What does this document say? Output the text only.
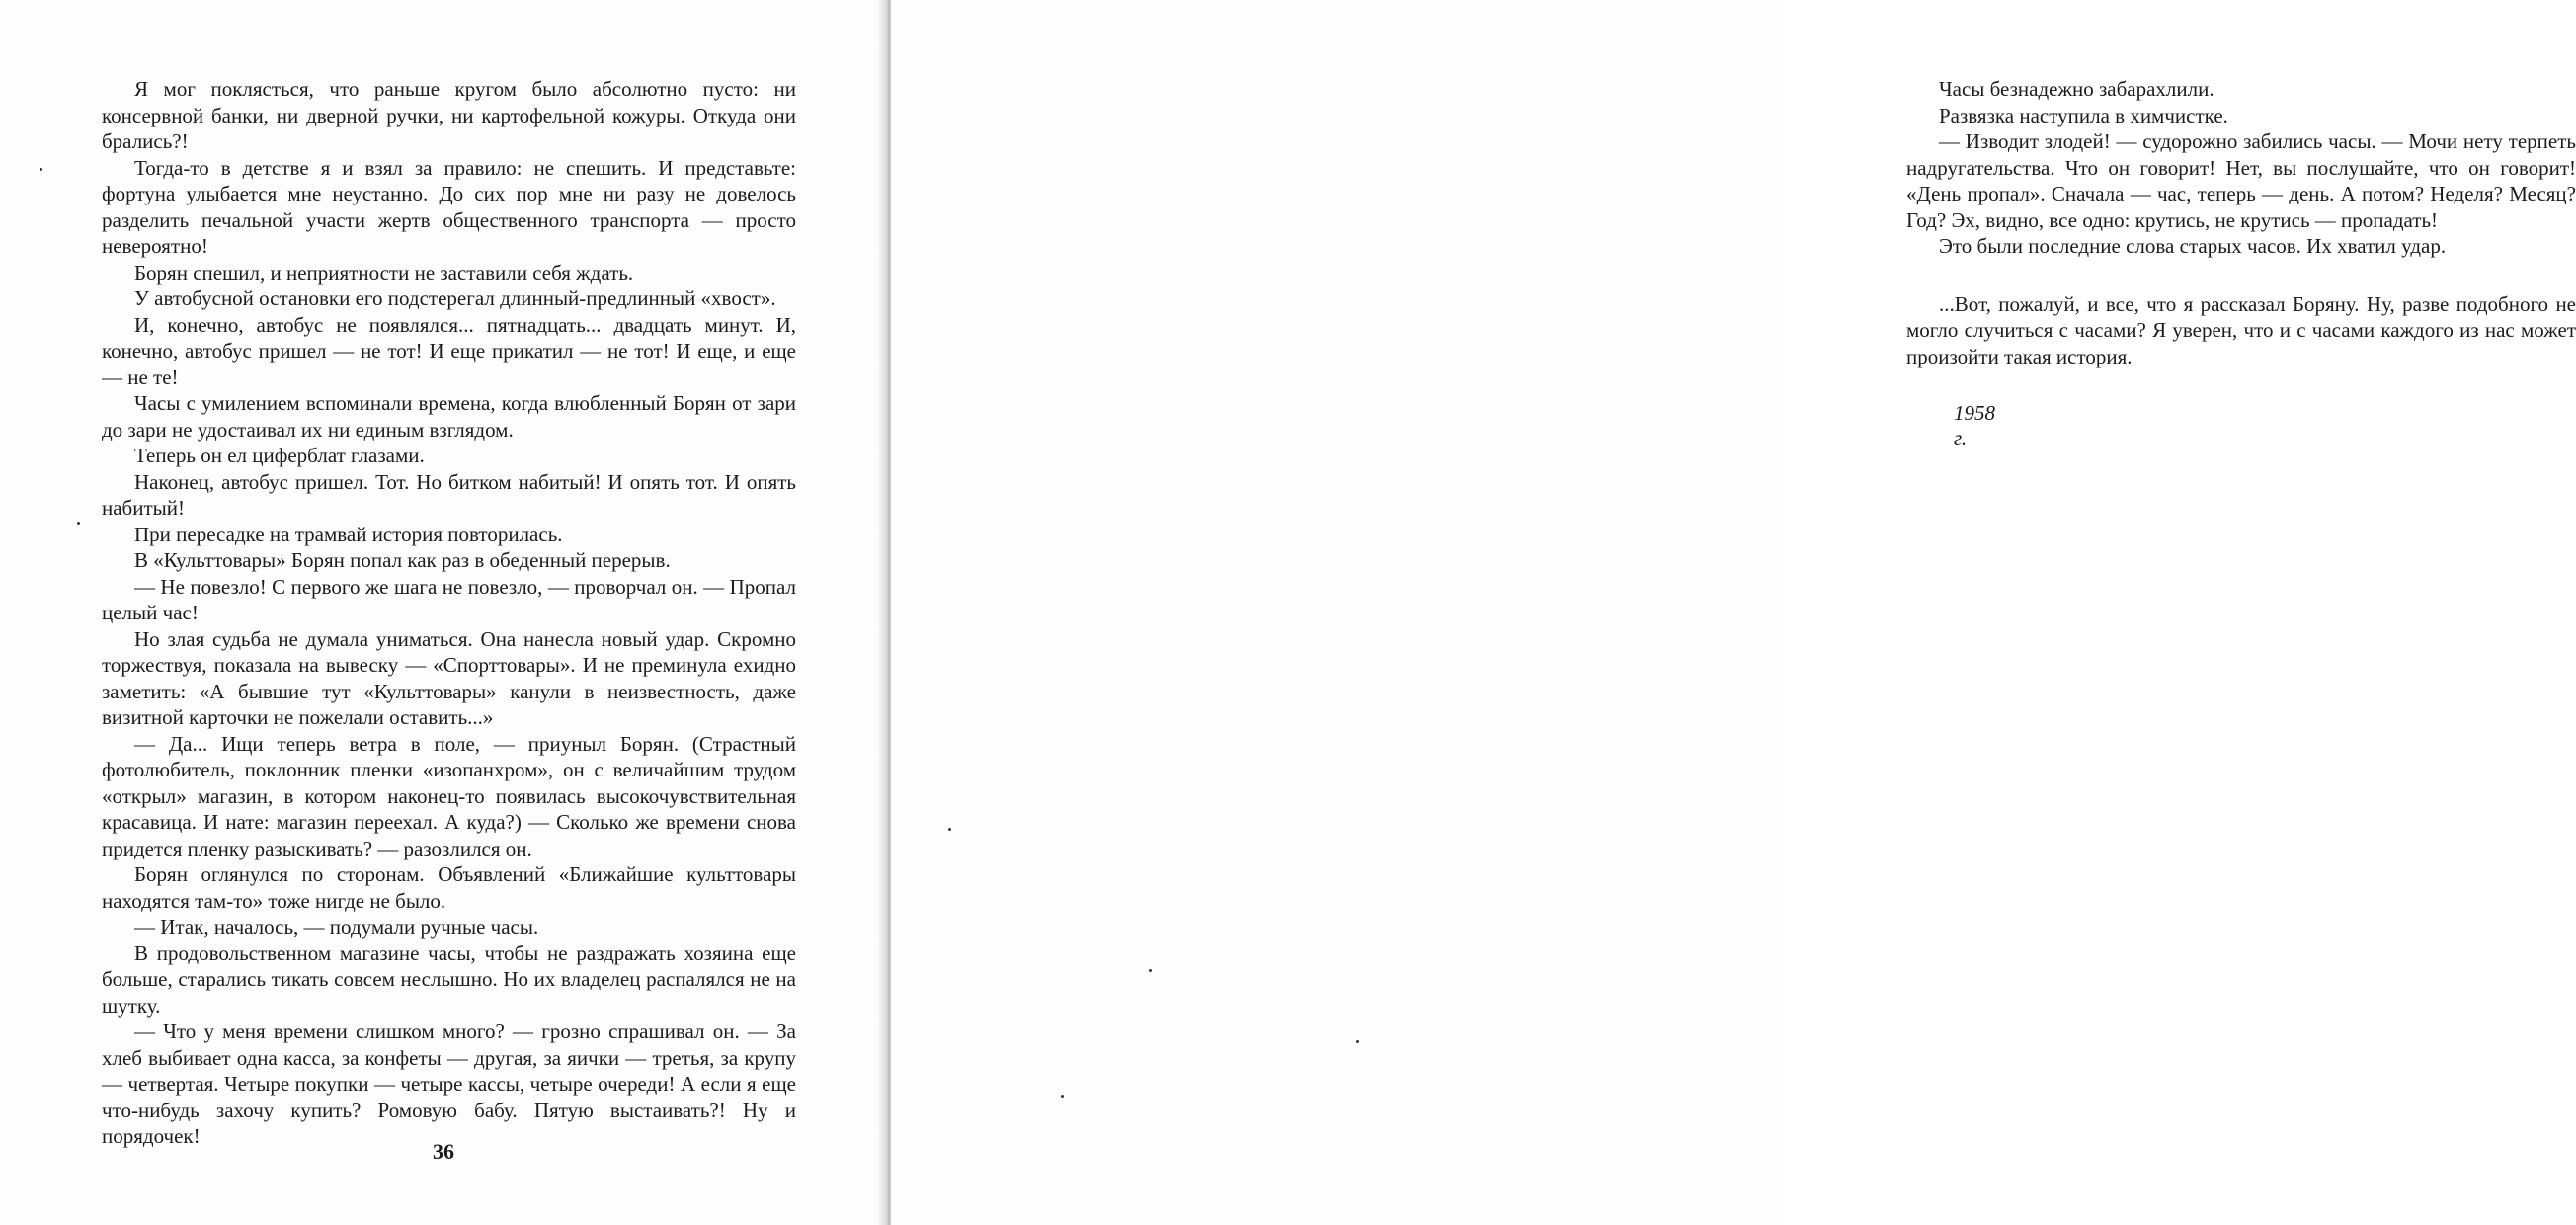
Я мог поклясться, что раньше кругом было абсолютно пусто: ни консервной банки, ни дверной ручки, ни картофельной кожуры. Откуда они брались?!

Тогда-то в детстве я и взял за правило: не спешить. И представьте: фортуна улыбается мне неустанно. До сих пор мне ни разу не довелось разделить печальной участи жертв общественного транспорта — просто невероятно!

Борян спешил, и неприятности не заставили себя ждать.

У автобусной остановки его подстерегал длинный-предлинный «хвост».

И, конечно, автобус не появлялся... пятнадцать... двадцать минут. И, конечно, автобус пришел — не тот! И еще прикатил — не тот! И еще, и еще — не те!

Часы с умилением вспоминали времена, когда влюбленный Борян от зари до зари не удостаивал их ни единым взглядом.

Теперь он ел циферблат глазами.

Наконец, автобус пришел. Тот. Но битком набитый! И опять тот. И опять набитый!

При пересадке на трамвай история повторилась.

В «Культтовары» Борян попал как раз в обеденный перерыв.

— Не повезло! С первого же шага не повезло, — проворчал он. — Пропал целый час!

Но злая судьба не думала униматься. Она нанесла новый удар. Скромно торжествуя, показала на вывеску — «Спорттовары». И не преминула ехидно заметить: «А бывшие тут «Культтовары» канули в неизвестность, даже визитной карточки не пожелали оставить...»

— Да... Ищи теперь ветра в поле, — приуныл Борян. (Страстный фотолюбитель, поклонник пленки «изопанхром», он с величайшим трудом «открыл» магазин, в котором наконец-то появилась высокочувствительная красавица. И нате: магазин переехал. А куда?) — Сколько же времени снова придется пленку разыскивать? — разозлился он.

Борян оглянулся по сторонам. Объявлений «Ближайшие культтовары находятся там-то» тоже нигде не было.

— Итак, началось, — подумали ручные часы.

В продовольственном магазине часы, чтобы не раздражать хозяина еще больше, старались тикать совсем неслышно. Но их владелец распалялся не на шутку.

— Что у меня времени слишком много? — грозно спрашивал он. — За хлеб выбивает одна касса, за конфеты — другая, за яички — третья, за крупу — четвертая. Четыре покупки — четыре кассы, четыре очереди! А если я еще что-нибудь захочу купить? Ромовую бабу. Пятую выстаивать?! Ну и порядочек!

36

Часы безнадежно забарахлили.

Развязка наступила в химчистке.

— Изводит злодей! — судорожно забились часы. — Мочи нету терпеть надругательства. Что он говорит! Нет, вы послушайте, что он говорит! «День пропал». Сначала — час, теперь — день. А потом? Неделя? Месяц? Год? Эх, видно, все одно: крутись, не крутись — пропадать!

Это были последние слова старых часов. Их хватил удар.

...Вот, пожалуй, и все, что я рассказал Боряну. Ну, разве подобного не могло случиться с часами? Я уверен, что и с часами каждого из нас может произойти такая история.

1958 г.
